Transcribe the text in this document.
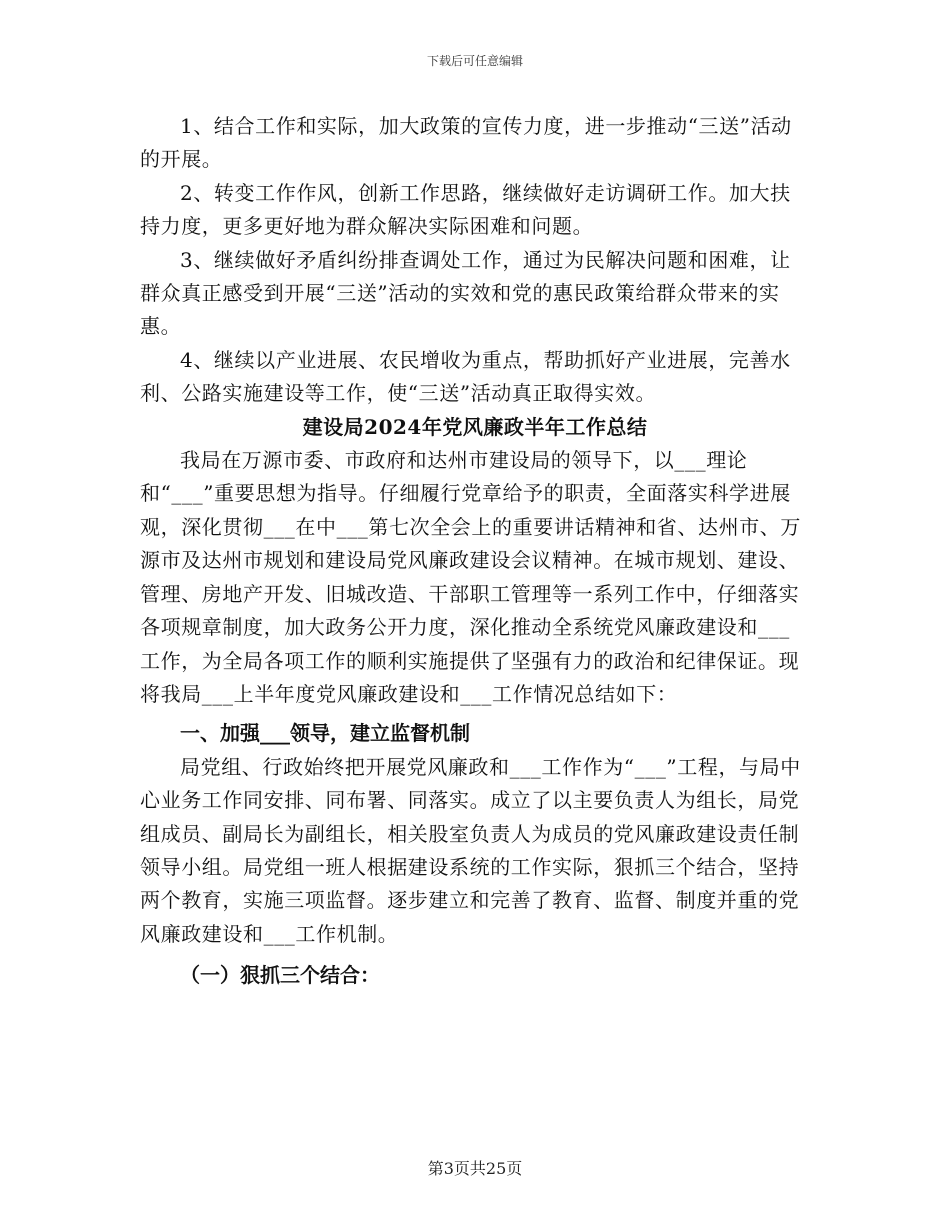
下载后可任意编辑

1、结合工作和实际，加大政策的宣传力度，进一步推动“三送”活动的开展。

2、转变工作作风，创新工作思路，继续做好走访调研工作。加大扶持力度，更多更好地为群众解决实际困难和问题。

3、继续做好矛盾纠纷排查调处工作，通过为民解决问题和困难，让群众真正感受到开展“三送”活动的实效和党的惠民政策给群众带来的实惠。

4、继续以产业进展、农民增收为重点，帮助抓好产业进展，完善水利、公路实施建设等工作，使“三送”活动真正取得实效。

建设局2024年党风廉政半年工作总结

我局在万源市委、市政府和达州市建设局的领导下，以___理论和“___”重要思想为指导。仔细履行党章给予的职责，全面落实科学进展观，深化贯彻___在中___第七次全会上的重要讲话精神和省、达州市、万源市及达州市规划和建设局党风廉政建设会议精神。在城市规划、建设、管理、房地产开发、旧城改造、干部职工管理等一系列工作中，仔细落实各项规章制度，加大政务公开力度，深化推动全系统党风廉政建设和___工作，为全局各项工作的顺利实施提供了坚强有力的政治和纪律保证。现将我局___上半年度党风廉政建设和___工作情况总结如下：

一、加强___领导，建立监督机制

局党组、行政始终把开展党风廉政和___工作作为“___”工程，与局中心业务工作同安排、同布署、同落实。成立了以主要负责人为组长，局党组成员、副局长为副组长，相关股室负责人为成员的党风廉政建设责任制领导小组。局党组一班人根据建设系统的工作实际，狠抓三个结合，坚持两个教育，实施三项监督。逐步建立和完善了教育、监督、制度并重的党风廉政建设和___工作机制。

（一）狠抓三个结合：

第3页共25页
